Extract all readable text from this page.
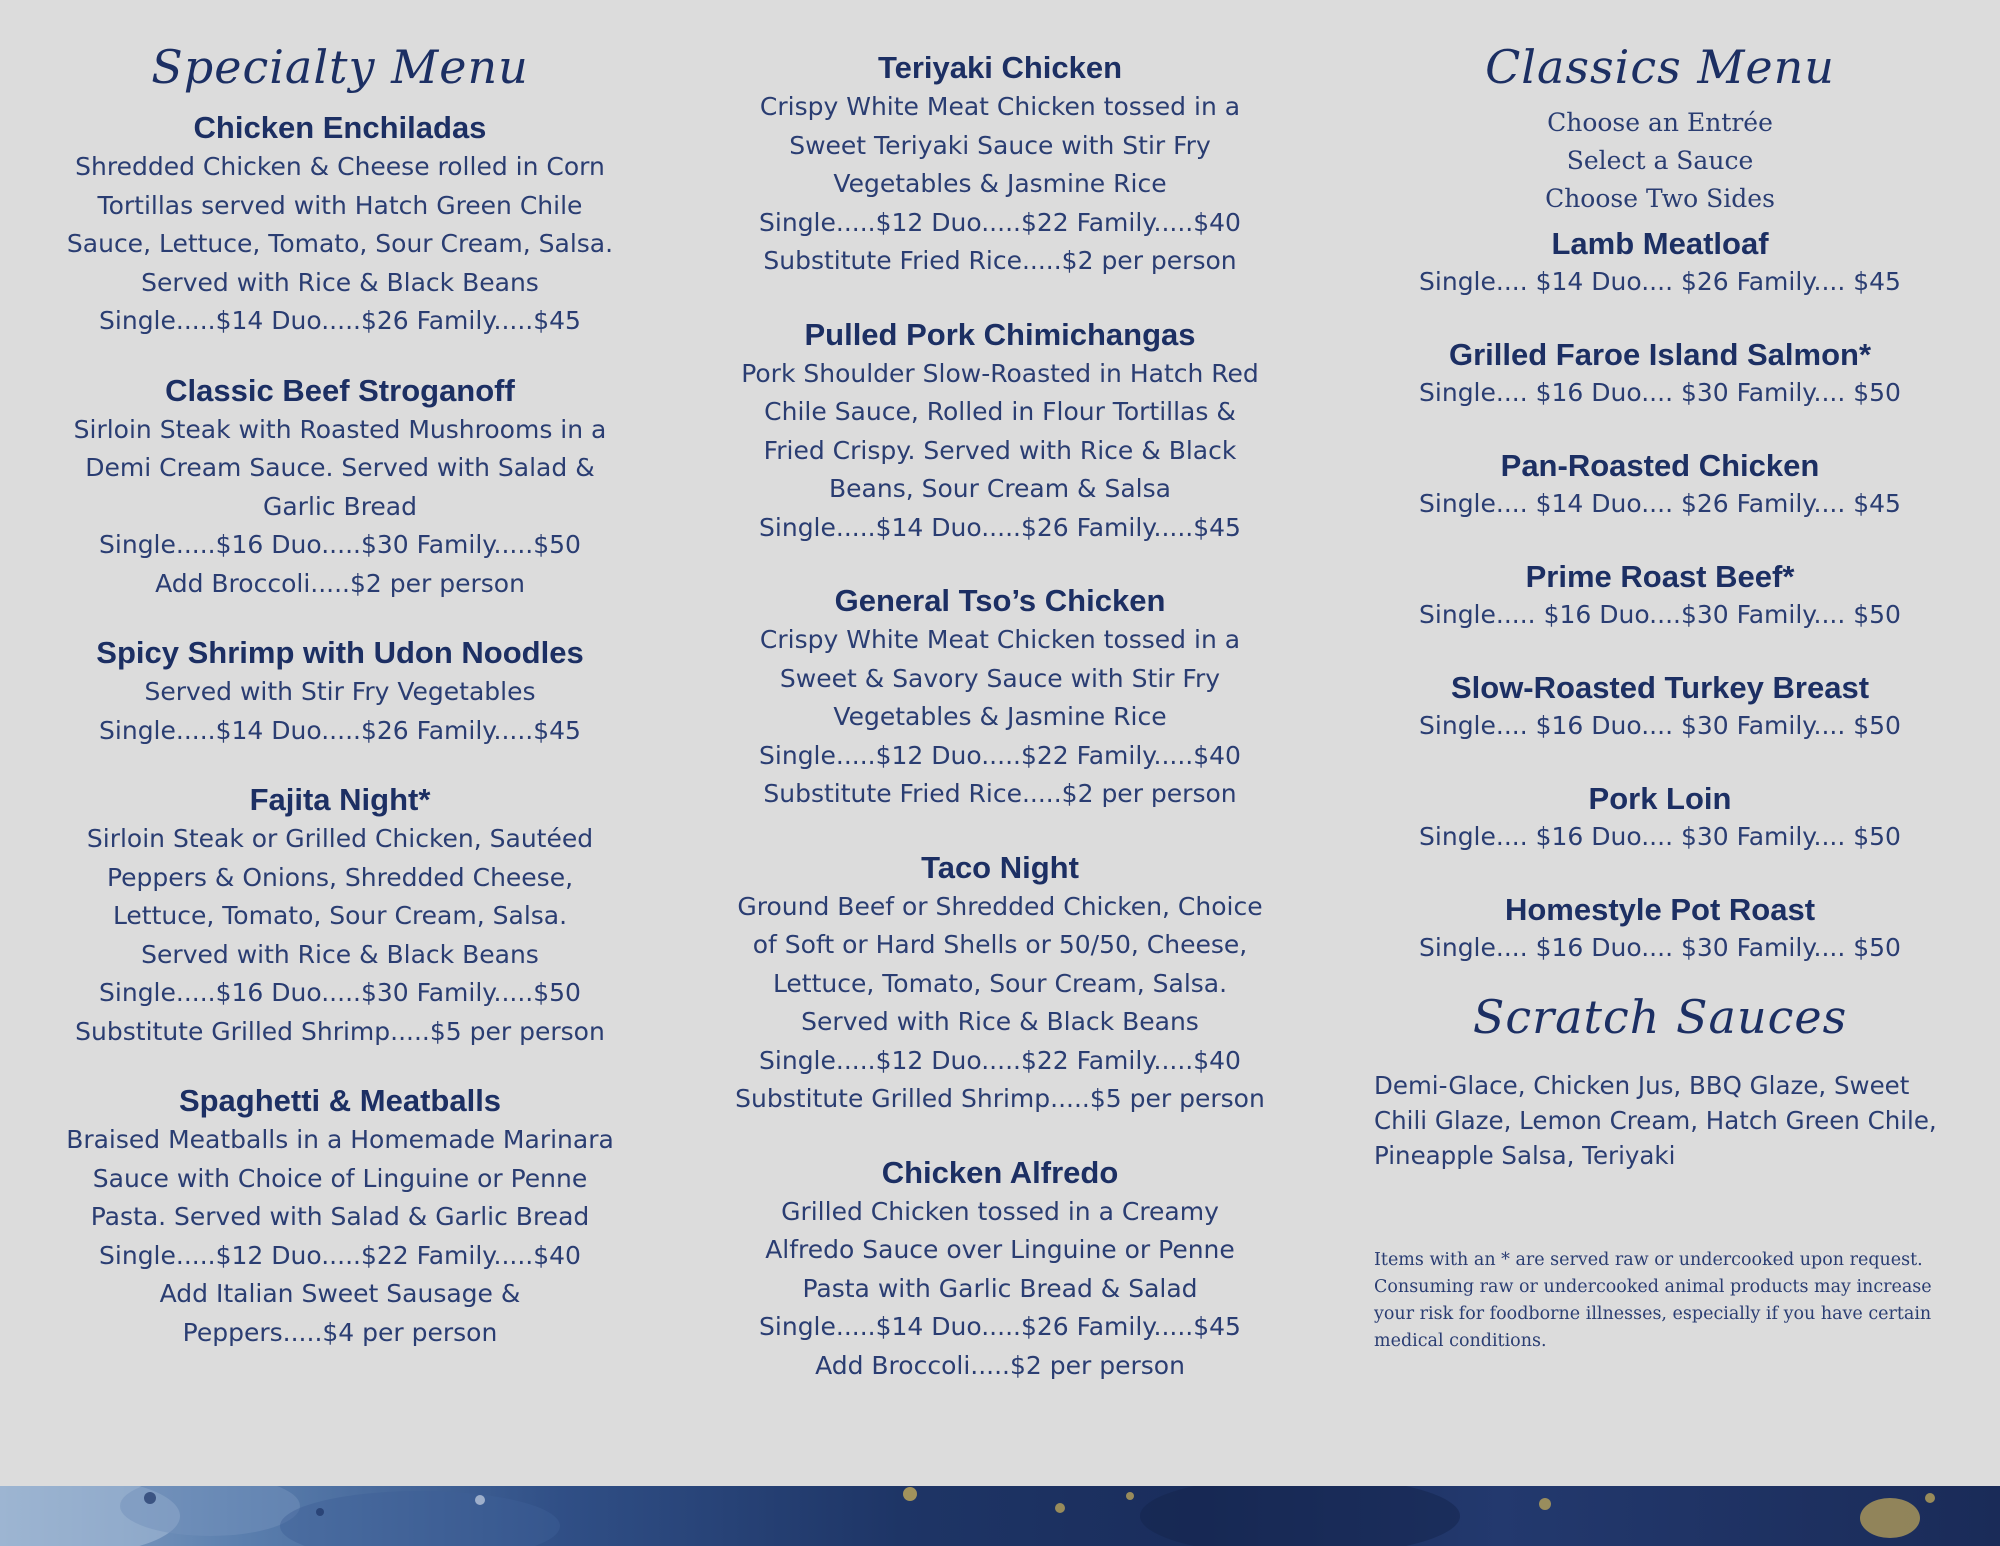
Specialty Menu
Chicken Enchiladas

Shredded Chicken & Cheese rolled in Corn

Tortillas served with Hatch Green Chile

Sauce, Lettuce, Tomato, Sour Cream, Salsa.

Served with Rice & Black Beans

Single.....$14 Duo.....$26 Family.....$45

Classic Beef Stroganoff

Sirloin Steak with Roasted Mushrooms in a

Demi Cream Sauce. Served with Salad &

Garlic Bread

Single.....$16 Duo.....$30 Family.....$50

Add Broccoli.....$2 per person

Spicy Shrimp with Udon Noodles

Served with Stir Fry Vegetables

Single.....$14 Duo.....$26 Family.....$45

Fajita Night*

Sirloin Steak or Grilled Chicken, Sautéed

Peppers & Onions, Shredded Cheese,

Lettuce, Tomato, Sour Cream, Salsa.

Served with Rice & Black Beans

Single.....$16 Duo.....$30 Family.....$50

Substitute Grilled Shrimp.....$5 per person

Spaghetti & Meatballs

Braised Meatballs in a Homemade Marinara

Sauce with Choice of Linguine or Penne

Pasta. Served with Salad & Garlic Bread

Single.....$12 Duo.....$22 Family.....$40

Add Italian Sweet Sausage &

Peppers.....$4 per person

Teriyaki Chicken

Crispy White Meat Chicken tossed in a

Sweet Teriyaki Sauce with Stir Fry

Vegetables & Jasmine Rice

Single.....$12 Duo.....$22 Family.....$40

Substitute Fried Rice.....$2 per person

Pulled Pork Chimichangas

Pork Shoulder Slow-Roasted in Hatch Red

Chile Sauce, Rolled in Flour Tortillas &

Fried Crispy. Served with Rice & Black

Beans, Sour Cream & Salsa

Single.....$14 Duo.....$26 Family.....$45

General Tso’s Chicken

Crispy White Meat Chicken tossed in a

Sweet & Savory Sauce with Stir Fry

Vegetables & Jasmine Rice

Single.....$12 Duo.....$22 Family.....$40

Substitute Fried Rice.....$2 per person

Taco Night

Ground Beef or Shredded Chicken, Choice

of Soft or Hard Shells or 50/50, Cheese,

Lettuce, Tomato, Sour Cream, Salsa.

Served with Rice & Black Beans

Single.....$12 Duo.....$22 Family.....$40

Substitute Grilled Shrimp.....$5 per person

Chicken Alfredo

Grilled Chicken tossed in a Creamy

Alfredo Sauce over Linguine or Penne

Pasta with Garlic Bread & Salad

Single.....$14 Duo.....$26 Family.....$45

Add Broccoli.....$2 per person

Classics Menu

Choose an Entrée

Select a Sauce

Choose Two Sides

Lamb Meatloaf

Single.... $14 Duo.... $26 Family.... $45

Grilled Faroe Island Salmon*

Single.... $16 Duo.... $30 Family.... $50

Pan-Roasted Chicken

Single.... $14 Duo.... $26 Family.... $45

Prime Roast Beef*

Single..... $16 Duo....$30 Family.... $50

Slow-Roasted Turkey Breast

Single.... $16 Duo.... $30 Family.... $50

Pork Loin

Single.... $16 Duo.... $30 Family.... $50

Homestyle Pot Roast

Single.... $16 Duo.... $30 Family.... $50

Scratch Sauces

Demi-Glace, Chicken Jus, BBQ Glaze, Sweet Chili Glaze, Lemon Cream, Hatch Green Chile, Pineapple Salsa, Teriyaki

Items with an * are served raw or undercooked upon request. Consuming raw or undercooked animal products may increase your risk for foodborne illnesses, especially if you have certain medical conditions.
